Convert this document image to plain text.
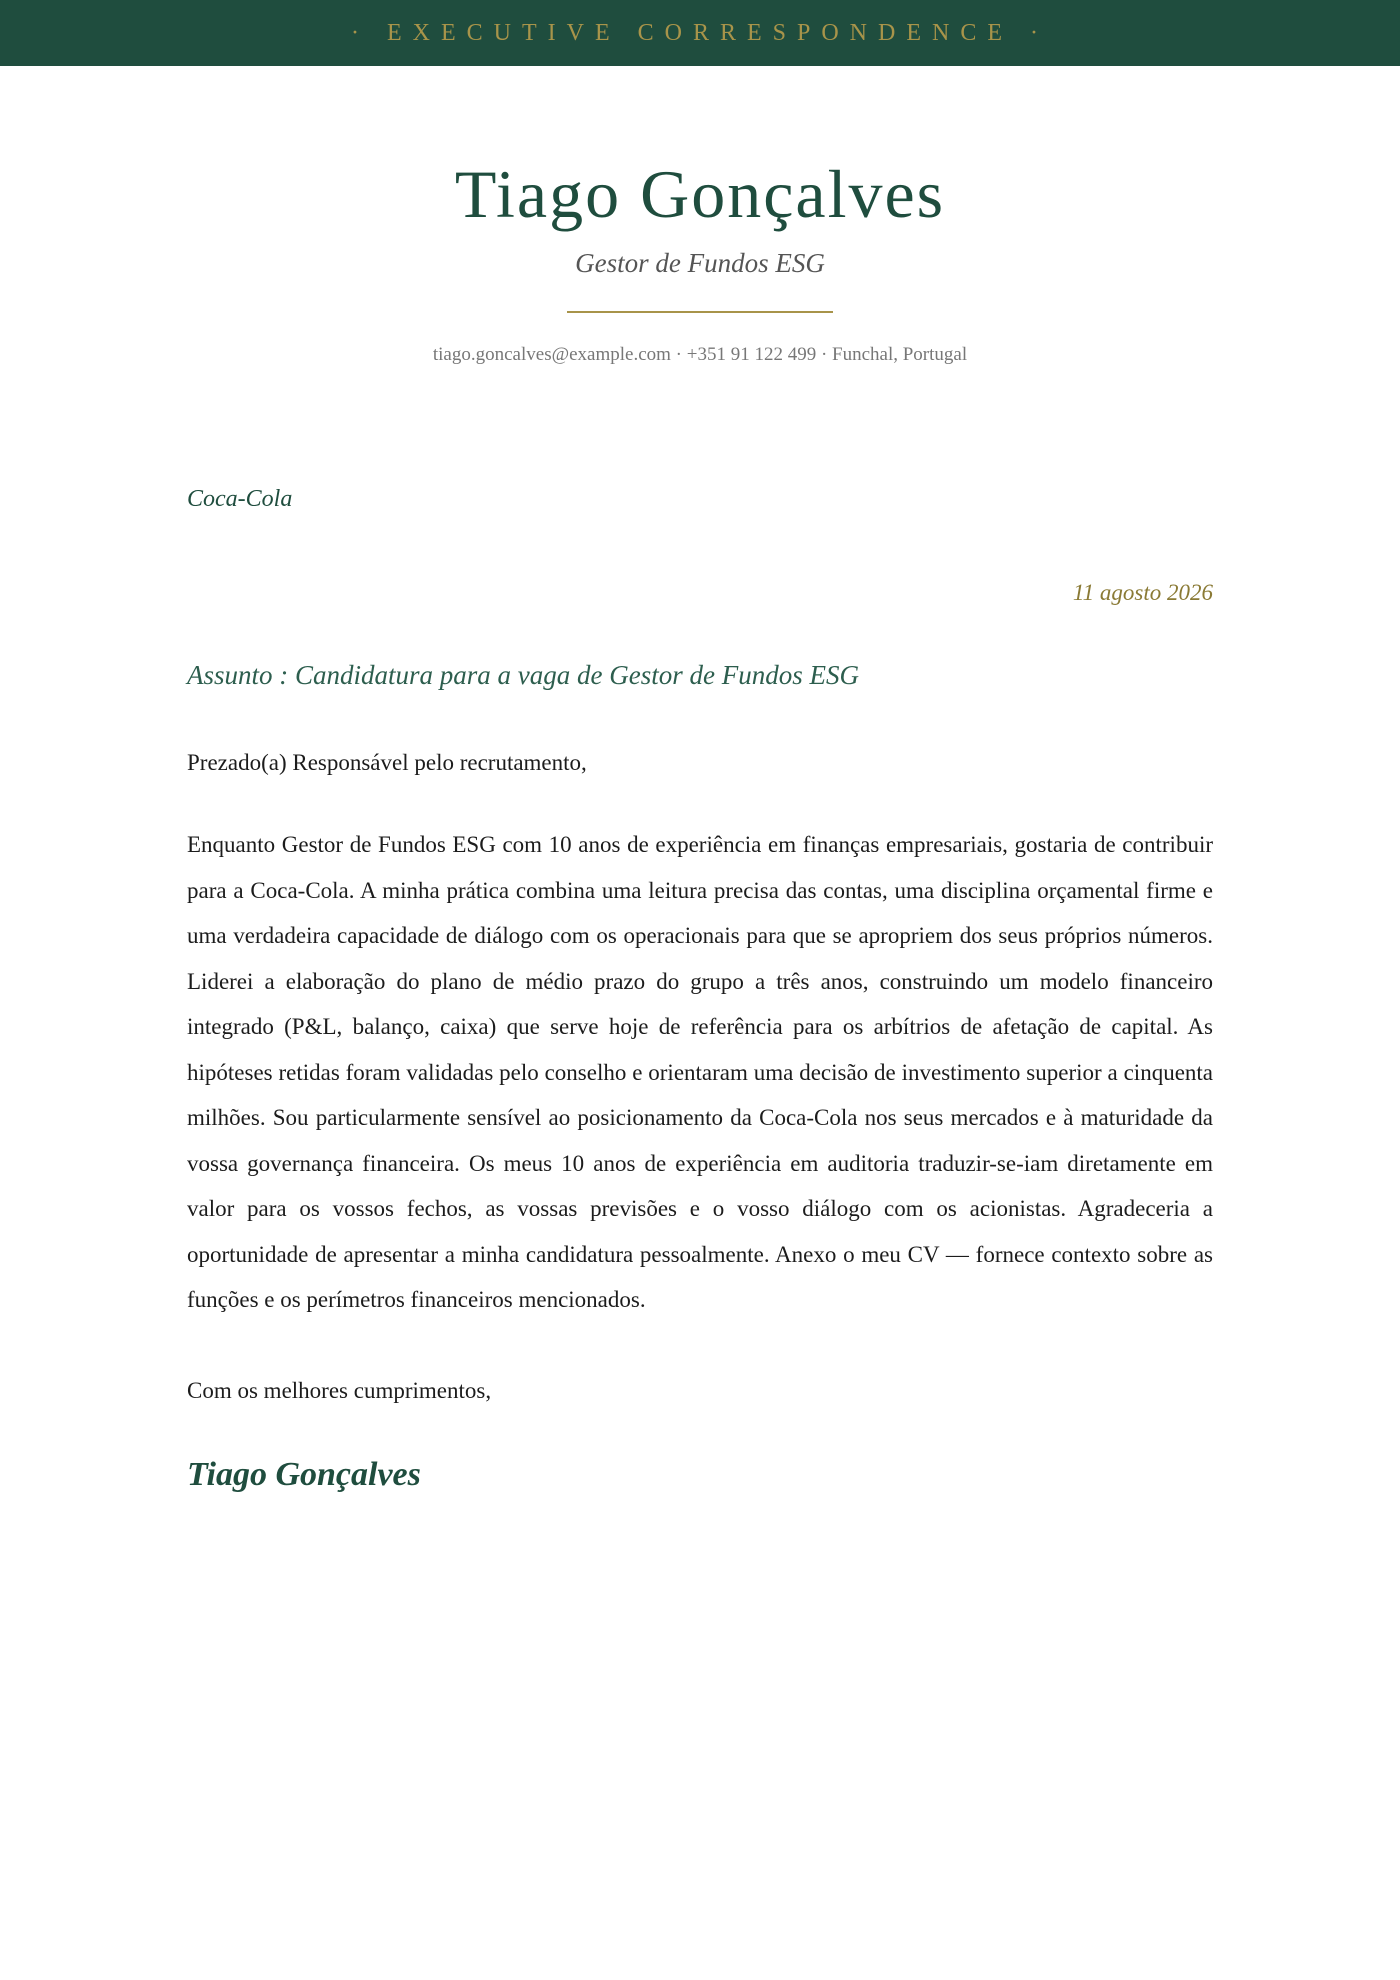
· EXECUTIVE CORRESPONDENCE ·
Tiago Gonçalves
Gestor de Fundos ESG
tiago.goncalves@example.com · +351 91 122 499 · Funchal, Portugal
Coca-Cola
11 agosto 2026
Assunto : Candidatura para a vaga de Gestor de Fundos ESG
Prezado(a) Responsável pelo recrutamento,

Enquanto Gestor de Fundos ESG com 10 anos de experiência em finanças empresariais, gostaria de contribuir para a Coca-Cola. A minha prática combina uma leitura precisa das contas, uma disciplina orçamental firme e uma verdadeira capacidade de diálogo com os operacionais para que se apropriem dos seus próprios números. Liderei a elaboração do plano de médio prazo do grupo a três anos, construindo um modelo financeiro integrado (P&L, balanço, caixa) que serve hoje de referência para os arbítrios de afetação de capital. As hipóteses retidas foram validadas pelo conselho e orientaram uma decisão de investimento superior a cinquenta milhões. Sou particularmente sensível ao posicionamento da Coca-Cola nos seus mercados e à maturidade da vossa governança financeira. Os meus 10 anos de experiência em auditoria traduzir-se-iam diretamente em valor para os vossos fechos, as vossas previsões e o vosso diálogo com os acionistas. Agradeceria a oportunidade de apresentar a minha candidatura pessoalmente. Anexo o meu CV — fornece contexto sobre as funções e os perímetros financeiros mencionados.

Com os melhores cumprimentos,
Tiago Gonçalves
